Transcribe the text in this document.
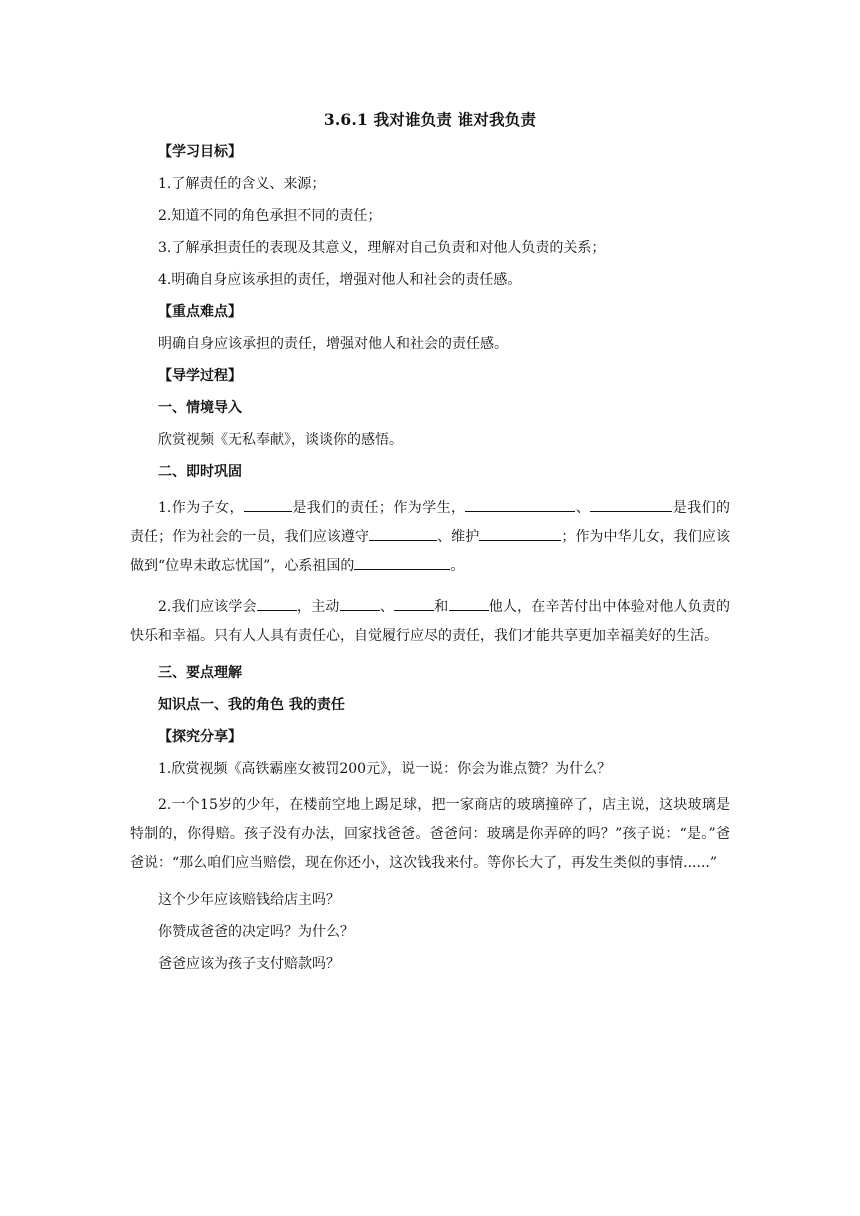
3.6.1 我对谁负责 谁对我负责
【学习目标】
1.了解责任的含义、来源；
2.知道不同的角色承担不同的责任；
3.了解承担责任的表现及其意义，理解对自己负责和对他人负责的关系；
4.明确自身应该承担的责任，增强对他人和社会的责任感。
【重点难点】
明确自身应该承担的责任，增强对他人和社会的责任感。
【导学过程】
一、情境导入
欣赏视频《无私奉献》，谈谈你的感悟。
二、即时巩固
1.作为子女，	是我们的责任；作为学生，	、	是我们的责任；作为社会的一员，我们应该遵守	、维护	；作为中华儿女，我们应该做到“位卑未敢忘忧国”，心系祖国的	。
2.我们应该学会	，主动	、	和	他人，在辛苦付出中体验对他人负责的快乐和幸福。只有人人具有责任心，自觉履行应尽的责任，我们才能共享更加幸福美好的生活。
三、要点理解
知识点一、我的角色 我的责任
【探究分享】
1.欣赏视频《高铁霸座女被罚200元》，说一说：你会为谁点赞？为什么？
2.一个15岁的少年，在楼前空地上踢足球，把一家商店的玻璃撞碎了，店主说，这块玻璃是特制的，你得赔。孩子没有办法，回家找爸爸。爸爸问：玻璃是你弄碎的吗？”孩子说：“是。”爸爸说：“那么咱们应当赔偿，现在你还小，这次钱我来付。等你长大了，再发生类似的事情......”
这个少年应该赔钱给店主吗？
你赞成爸爸的决定吗？为什么？
爸爸应该为孩子支付赔款吗？
